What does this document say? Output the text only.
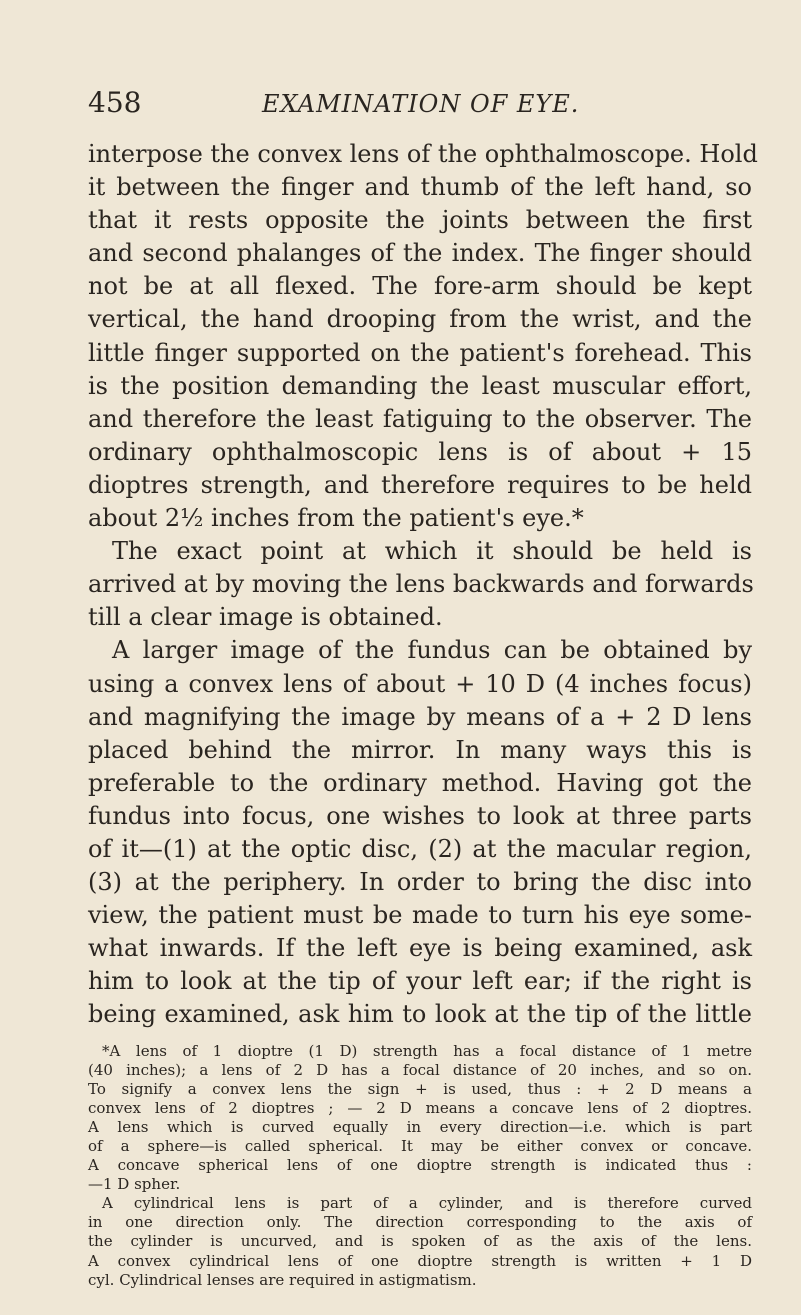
458	EXAMINATION OF EYE.
interpose the convex lens of the ophthalmoscope. Hold
it between the finger and thumb of the left hand, so
that it rests opposite the joints between the first
and second phalanges of the index. The finger should
not be at all flexed. The fore-arm should be kept
vertical, the hand drooping from the wrist, and the
little finger supported on the patient's forehead. This
is the position demanding the least muscular effort,
and therefore the least fatiguing to the observer. The
ordinary ophthalmoscopic lens is of about + 15
dioptres strength, and therefore requires to be held
about 2½ inches from the patient's eye.*
The exact point at which it should be held is
arrived at by moving the lens backwards and forwards
till a clear image is obtained.
A larger image of the fundus can be obtained by
using a convex lens of about + 10 D (4 inches focus)
and magnifying the image by means of a + 2 D lens
placed behind the mirror. In many ways this is
preferable to the ordinary method. Having got the
fundus into focus, one wishes to look at three parts
of it—(1) at the optic disc, (2) at the macular region,
(3) at the periphery. In order to bring the disc into
view, the patient must be made to turn his eye some-
what inwards. If the left eye is being examined, ask
him to look at the tip of your left ear; if the right is
being examined, ask him to look at the tip of the little
*A lens of 1 dioptre (1 D) strength has a focal distance of 1 metre
(40 inches); a lens of 2 D has a focal distance of 20 inches, and so on.
To signify a convex lens the sign + is used, thus : + 2 D means a
convex lens of 2 dioptres ; — 2 D means a concave lens of 2 dioptres.
A lens which is curved equally in every direction—i.e. which is part
of a sphere—is called spherical. It may be either convex or concave.
A concave spherical lens of one dioptre strength is indicated thus :
—1 D spher.
A cylindrical lens is part of a cylinder, and is therefore curved
in one direction only. The direction corresponding to the axis of
the cylinder is uncurved, and is spoken of as the axis of the lens.
A convex cylindrical lens of one dioptre strength is written + 1 D
cyl. Cylindrical lenses are required in astigmatism.
